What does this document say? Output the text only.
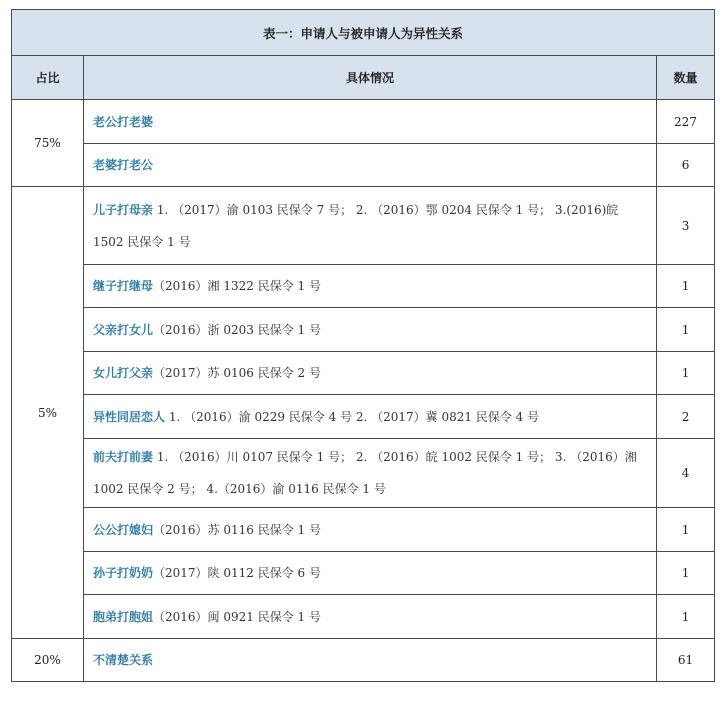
表一：申请人与被申请人为异性关系		
占比	具体情况	数量
75%	老公打老婆	227
	老婆打老公	6
5%	儿子打母亲 1. （2017）渝 0103 民保令 7 号； 2. （2016）鄂 0204 民保令 1 号； 3.(2016)皖 1502 民保令 1 号	3
	继子打继母（2016）湘 1322 民保令 1 号	1
	父亲打女儿（2016）浙 0203 民保令 1 号	1
	女儿打父亲（2017）苏 0106 民保令 2 号	1
	异性同居恋人 1. （2016）渝 0229 民保令 4 号 2. （2017）冀 0821 民保令 4 号	2
	前夫打前妻 1. （2016）川 0107 民保令 1 号； 2. （2016）皖 1002 民保令 1 号； 3. （2016）湘 1002 民保令 2 号； 4.（2016）渝 0116 民保令 1 号	4
	公公打媳妇（2016）苏 0116 民保令 1 号	1
	孙子打奶奶（2017）陕 0112 民保令 6 号	1
	胞弟打胞姐（2016）闽 0921 民保令 1 号	1
20%	不清楚关系	61
